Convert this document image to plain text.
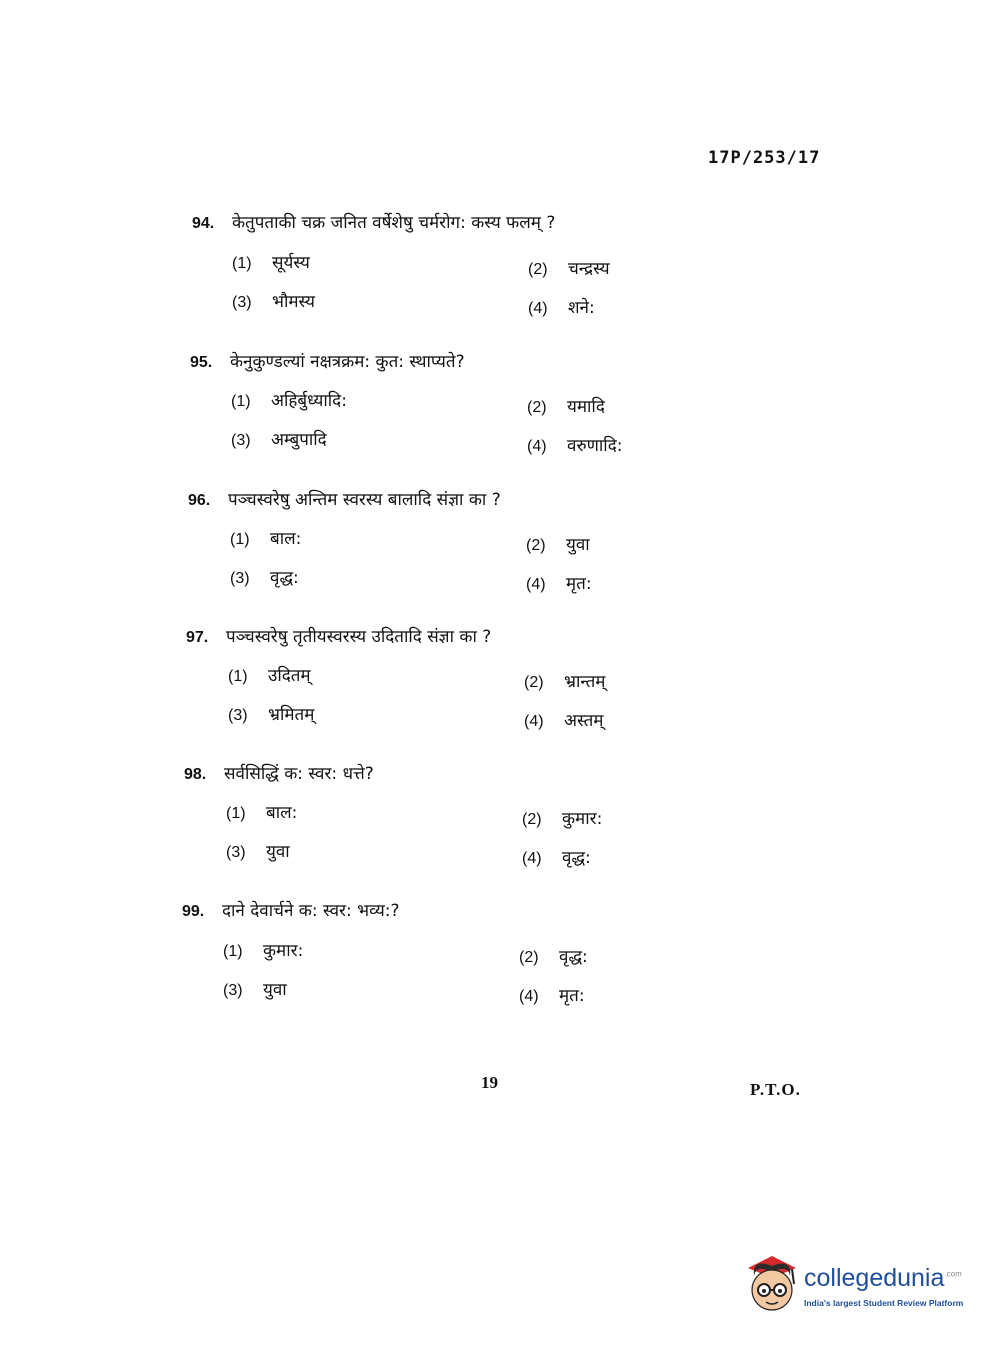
17P/253/17
94.	केतुपताकी चक्र जनित वर्षेशेषु चर्मरोग: कस्य फलम् ?
(1)	सूर्यस्य	(2)	चन्द्रस्य
(3)	भौमस्य	(4)	शने:
95.	केनुकुण्डल्यां नक्षत्रक्रम: कुत: स्थाप्यते?
(1)	अहिर्बुध्यादि:	(2)	यमादि
(3)	अम्बुपादि	(4)	वरुणादि:
96.	पञ्चस्वरेषु अन्तिम स्वरस्य बालादि संज्ञा का ?
(1)	बाल:	(2)	युवा
(3)	वृद्ध:	(4)	मृत:
97.	पञ्चस्वरेषु तृतीयस्वरस्य उदितादि संज्ञा का ?
(1)	उदितम्	(2)	भ्रान्तम्
(3)	भ्रमितम्	(4)	अस्तम्
98.	सर्वसिद्धिं क: स्वर: धत्ते?
(1)	बाल:	(2)	कुमार:
(3)	युवा	(4)	वृद्ध:
99.	दाने देवार्चने क: स्वर: भव्य:?
(1)	कुमार:	(2)	वृद्ध:
(3)	युवा	(4)	मृत:
19	P.T.O.
collegedunia$^{.com}$
India's largest Student Review Platform
